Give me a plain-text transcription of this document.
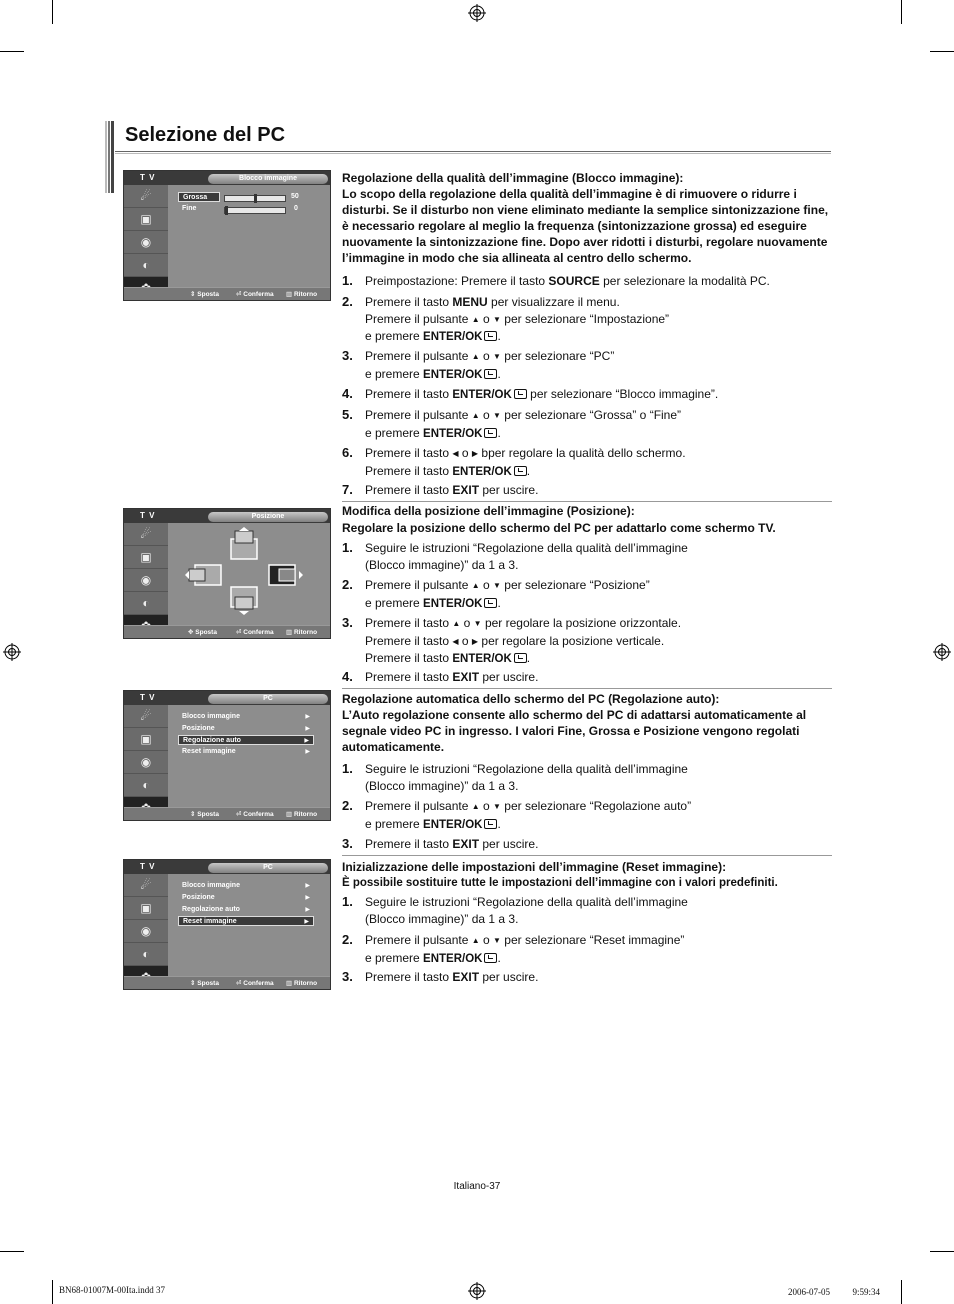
Selezione del PC
T V	Blocco immagine
☄
▣
◉
◐
Grossa	50
Fine	0
⇕ Sposta	⏎ Conferma ▥ Ritorno
T V	Posizione
☄
▣
◉
◐
✥ Sposta	⏎ Conferma ▥ Ritorno
T V	PC
☄
▣
◉
◐
Blocco immagine	▶
Posizione	▶
Regolazione auto	▶
Reset immagine	▶
⇕ Sposta	⏎ Conferma ▥ Ritorno
T V	PC
☄
▣
◉
◐
Blocco immagine	▶
Posizione	▶
Regolazione auto	▶
Reset immagine	▶
⇕ Sposta	⏎ Conferma ▥ Ritorno
Regolazione della qualità dell’immagine (Blocco immagine):
Lo scopo della regolazione della qualità dell’immagine è di rimuovere o ridurre i disturbi. Se il disturbo non viene eliminato mediante la semplice sintonizzazione fine, è necessario regolare al meglio la frequenza (sintonizzazione grossa) ed eseguire nuovamente la sintonizzazione fine. Dopo aver ridotti i disturbi, regolare nuovamente l’immagine in modo che sia allineata al centro dello schermo.
1. Preimpostazione: Premere il tasto SOURCE per selezionare la modalità PC.
2. Premere il tasto MENU per visualizzare il menu.
Premere il pulsante ▲ o ▼ per selezionare “Impostazione”
e premere ENTER/OK .
3. Premere il pulsante ▲ o ▼ per selezionare “PC”
e premere ENTER/OK .
4. Premere il tasto ENTER/OK per selezionare “Blocco immagine”.
5. Premere il pulsante ▲ o ▼ per selezionare “Grossa” o “Fine”
e premere ENTER/OK .
6. Premere il tasto ◀ o ▶ bper regolare la qualità dello schermo.
Premere il tasto ENTER/OK .
7. Premere il tasto EXIT per uscire.
Modifica della posizione dell’immagine (Posizione):
Regolare la posizione dello schermo del PC per adattarlo come schermo TV.
1. Seguire le istruzioni “Regolazione della qualità dell’immagine
(Blocco immagine)” da 1 a 3.
2. Premere il pulsante ▲ o ▼ per selezionare “Posizione”
e premere ENTER/OK .
3. Premere il tasto ▲ o ▼ per regolare la posizione orizzontale.
Premere il tasto ◀ o ▶ per regolare la posizione verticale.
Premere il tasto ENTER/OK .
4. Premere il tasto EXIT per uscire.
Regolazione automatica dello schermo del PC (Regolazione auto):
L’Auto regolazione consente allo schermo del PC di adattarsi automaticamente al segnale video PC in ingresso. I valori Fine, Grossa e Posizione vengono regolati automaticamente.
1. Seguire le istruzioni “Regolazione della qualità dell’immagine
(Blocco immagine)” da 1 a 3.
2. Premere il pulsante ▲ o ▼ per selezionare “Regolazione auto”
e premere ENTER/OK .
3. Premere il tasto EXIT per uscire.
Inizializzazione delle impostazioni dell’immagine (Reset immagine):
È possibile sostituire tutte le impostazioni dell’immagine con i valori predefiniti.
1. Seguire le istruzioni “Regolazione della qualità dell’immagine
(Blocco immagine)” da 1 a 3.
2. Premere il pulsante ▲ o ▼ per selezionare “Reset immagine”
e premere ENTER/OK .
3. Premere il tasto EXIT per uscire.
Italiano-37
BN68-01007M-00Ita.indd 37	2006-07-05 　　 9:59:34
